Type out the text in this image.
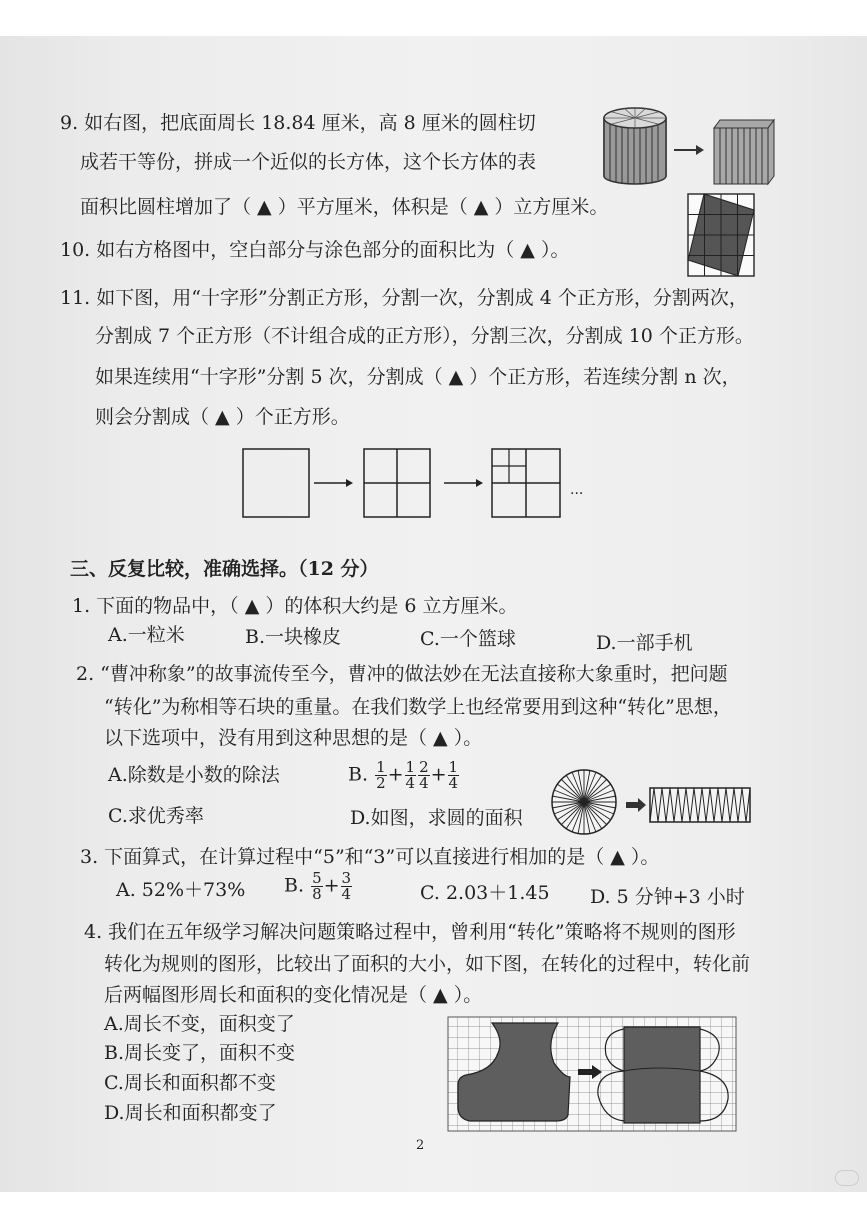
9. 如右图，把底面周长 18.84 厘米，高 8 厘米的圆柱切
成若干等份，拼成一个近似的长方体，这个长方体的表
面积比圆柱增加了（ ▲ ）平方厘米，体积是（ ▲ ）立方厘米。
10. 如右方格图中，空白部分与涂色部分的面积比为（ ▲ ）。
11. 如下图，用“十字形”分割正方形，分割一次，分割成 4 个正方形，分割两次，
分割成 7 个正方形（不计组合成的正方形），分割三次，分割成 10 个正方形。
如果连续用“十字形”分割 5 次，分割成（ ▲ ）个正方形，若连续分割 n 次，
则会分割成（ ▲ ）个正方形。
...
三、反复比较，准确选择。（12 分）
1. 下面的物品中，（ ▲ ）的体积大约是 6 立方厘米。
A.一粒米	B.一块橡皮	C.一个篮球	D.一部手机
2. “曹冲称象”的故事流传至今，曹冲的做法妙在无法直接称大象重时，把问题
“转化”为称相等石块的重量。在我们数学上也经常要用到这种“转化”思想，
以下选项中，没有用到这种思想的是（ ▲ ）。
A.除数是小数的除法	B. $\frac{1}{2} + \frac{1}{4} \frac{2}{4} + \frac{1}{4}$
C.求优秀率	D.如图，求圆的面积
3. 下面算式，在计算过程中“5”和“3”可以直接进行相加的是（ ▲ ）。
A. 52%＋73% B. $\frac{5}{8} + \frac{3}{4}$	C. 2.03＋1.45 D. 5 分钟+3 小时
4. 我们在五年级学习解决问题策略过程中，曾利用“转化”策略将不规则的图形
转化为规则的图形，比较出了面积的大小，如下图，在转化的过程中，转化前
后两幅图形周长和面积的变化情况是（ ▲ ）。
A.周长不变，面积变了
B.周长变了，面积不变
C.周长和面积都不变
D.周长和面积都变了
2
